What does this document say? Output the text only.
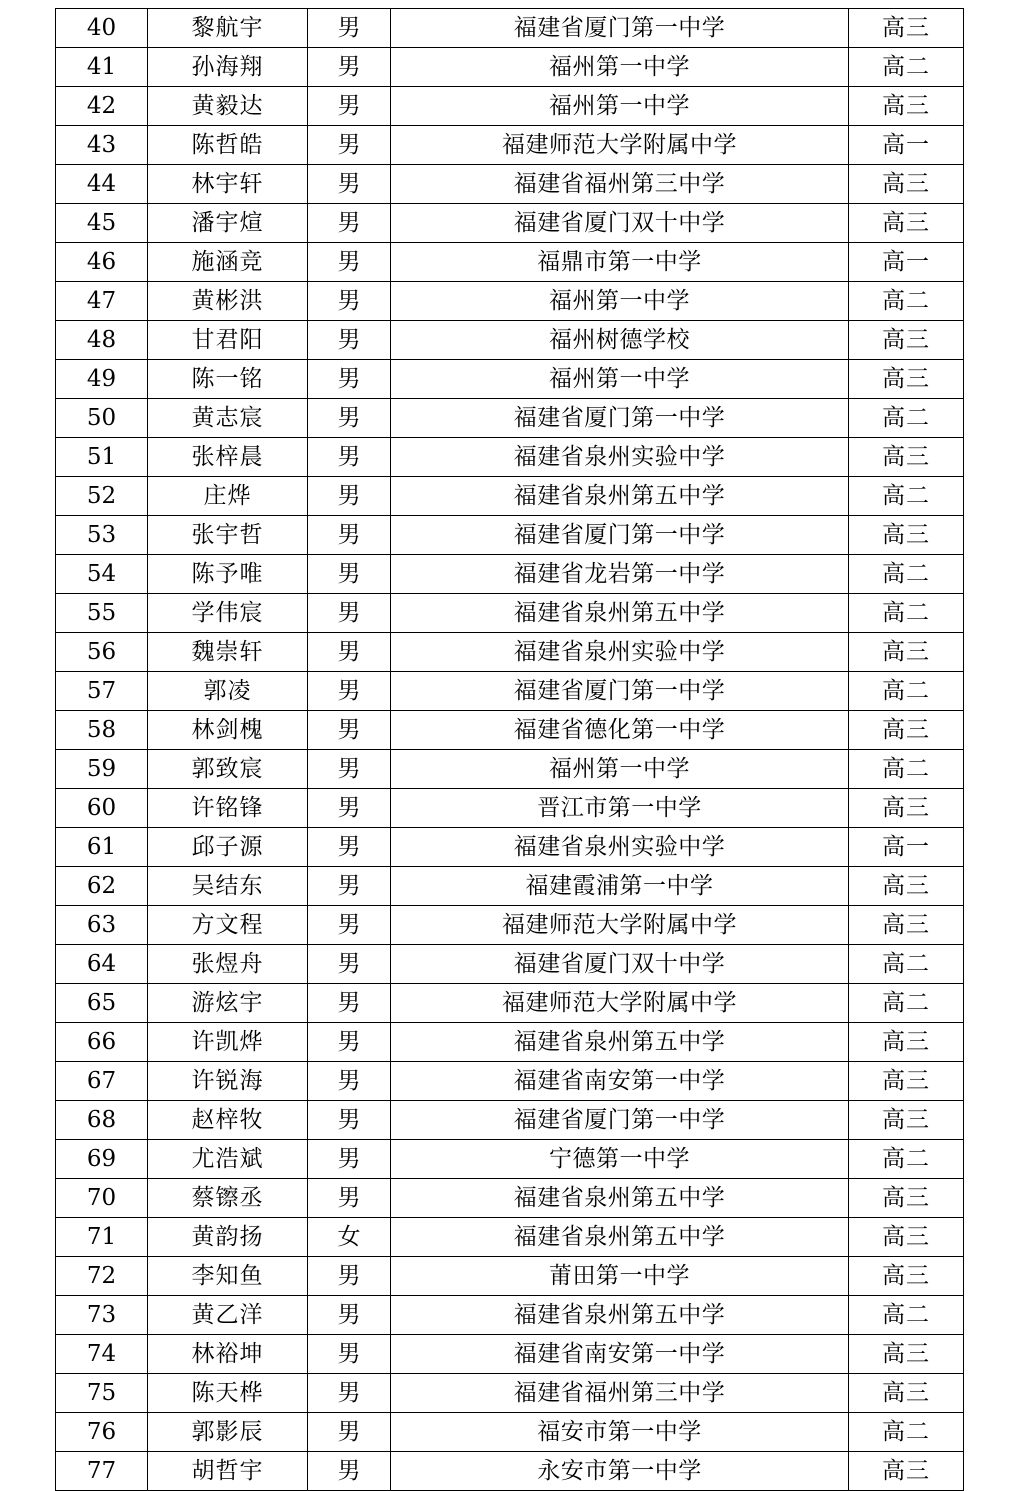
40	黎航宇	男	福建省厦门第一中学	高三
41	孙海翔	男	福州第一中学	高二
42	黄毅达	男	福州第一中学	高三
43	陈哲皓	男	福建师范大学附属中学	高一
44	林宇轩	男	福建省福州第三中学	高三
45	潘宇煊	男	福建省厦门双十中学	高三
46	施涵竞	男	福鼎市第一中学	高一
47	黄彬洪	男	福州第一中学	高二
48	甘君阳	男	福州树德学校	高三
49	陈一铭	男	福州第一中学	高三
50	黄志宸	男	福建省厦门第一中学	高二
51	张梓晨	男	福建省泉州实验中学	高三
52	庄烨	男	福建省泉州第五中学	高二
53	张宇哲	男	福建省厦门第一中学	高三
54	陈予唯	男	福建省龙岩第一中学	高二
55	学伟宸	男	福建省泉州第五中学	高二
56	魏崇轩	男	福建省泉州实验中学	高三
57	郭凌	男	福建省厦门第一中学	高二
58	林剑槐	男	福建省德化第一中学	高三
59	郭致宸	男	福州第一中学	高二
60	许铭锋	男	晋江市第一中学	高三
61	邱子源	男	福建省泉州实验中学	高一
62	吴结东	男	福建霞浦第一中学	高三
63	方文程	男	福建师范大学附属中学	高三
64	张煜舟	男	福建省厦门双十中学	高二
65	游炫宇	男	福建师范大学附属中学	高二
66	许凯烨	男	福建省泉州第五中学	高三
67	许锐海	男	福建省南安第一中学	高三
68	赵梓牧	男	福建省厦门第一中学	高三
69	尤浩斌	男	宁德第一中学	高二
70	蔡镲丞	男	福建省泉州第五中学	高三
71	黄韵扬	女	福建省泉州第五中学	高三
72	李知鱼	男	莆田第一中学	高三
73	黄乙洋	男	福建省泉州第五中学	高二
74	林裕坤	男	福建省南安第一中学	高三
75	陈天桦	男	福建省福州第三中学	高三
76	郭影辰	男	福安市第一中学	高二
77	胡哲宇	男	永安市第一中学	高三
